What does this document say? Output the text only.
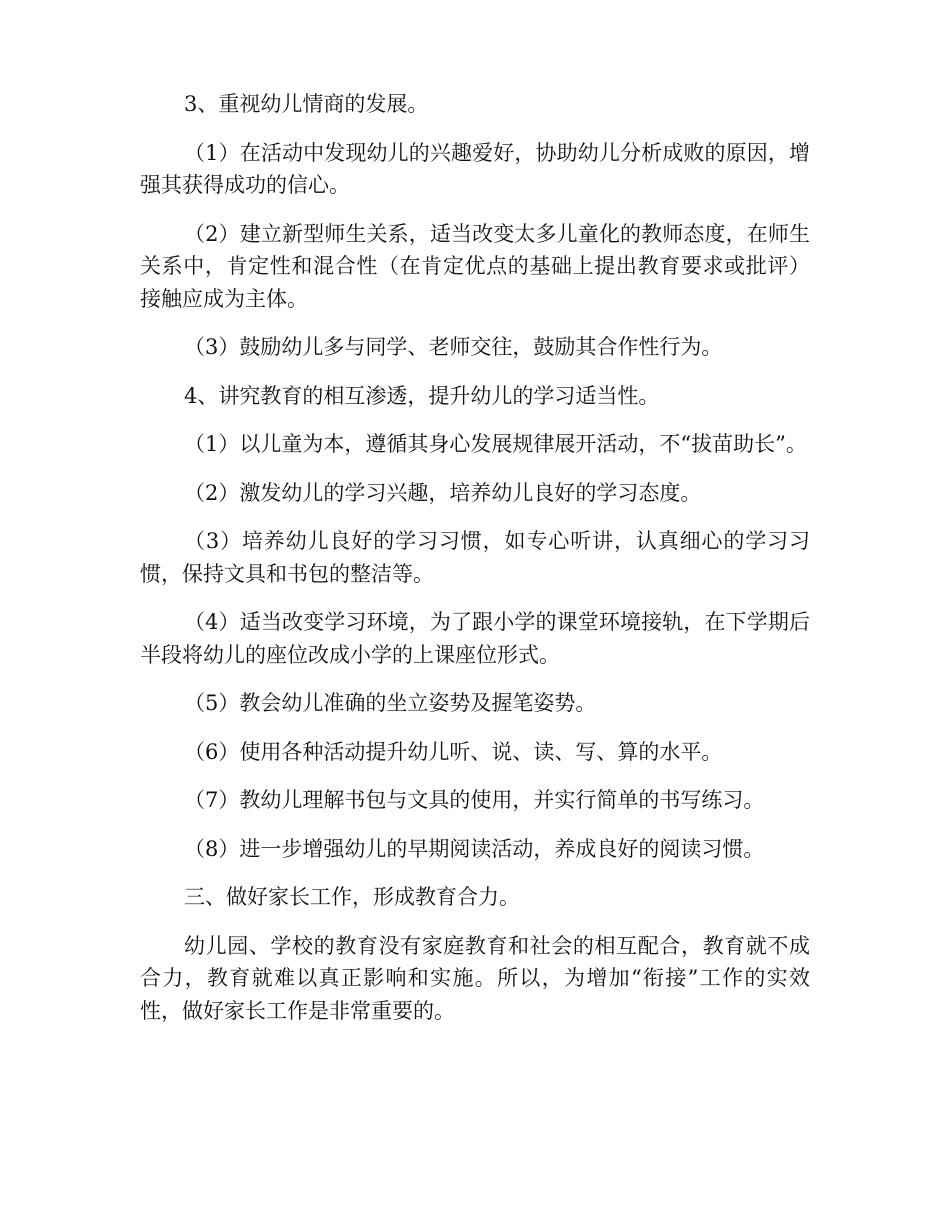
3、重视幼儿情商的发展。

（1）在活动中发现幼儿的兴趣爱好，协助幼儿分析成败的原因，增强其获得成功的信心。

（2）建立新型师生关系，适当改变太多儿童化的教师态度，在师生关系中，肯定性和混合性（在肯定优点的基础上提出教育要求或批评）接触应成为主体。

（3）鼓励幼儿多与同学、老师交往，鼓励其合作性行为。

4、讲究教育的相互渗透，提升幼儿的学习适当性。

（1）以儿童为本，遵循其身心发展规律展开活动，不“拔苗助长”。

（2）激发幼儿的学习兴趣，培养幼儿良好的学习态度。

（3）培养幼儿良好的学习习惯，如专心听讲，认真细心的学习习惯，保持文具和书包的整洁等。

（4）适当改变学习环境，为了跟小学的课堂环境接轨，在下学期后半段将幼儿的座位改成小学的上课座位形式。

（5）教会幼儿准确的坐立姿势及握笔姿势。

（6）使用各种活动提升幼儿听、说、读、写、算的水平。

（7）教幼儿理解书包与文具的使用，并实行简单的书写练习。

（8）进一步增强幼儿的早期阅读活动，养成良好的阅读习惯。

三、做好家长工作，形成教育合力。

幼儿园、学校的教育没有家庭教育和社会的相互配合，教育就不成合力，教育就难以真正影响和实施。所以，为增加“衔接”工作的实效性，做好家长工作是非常重要的。
